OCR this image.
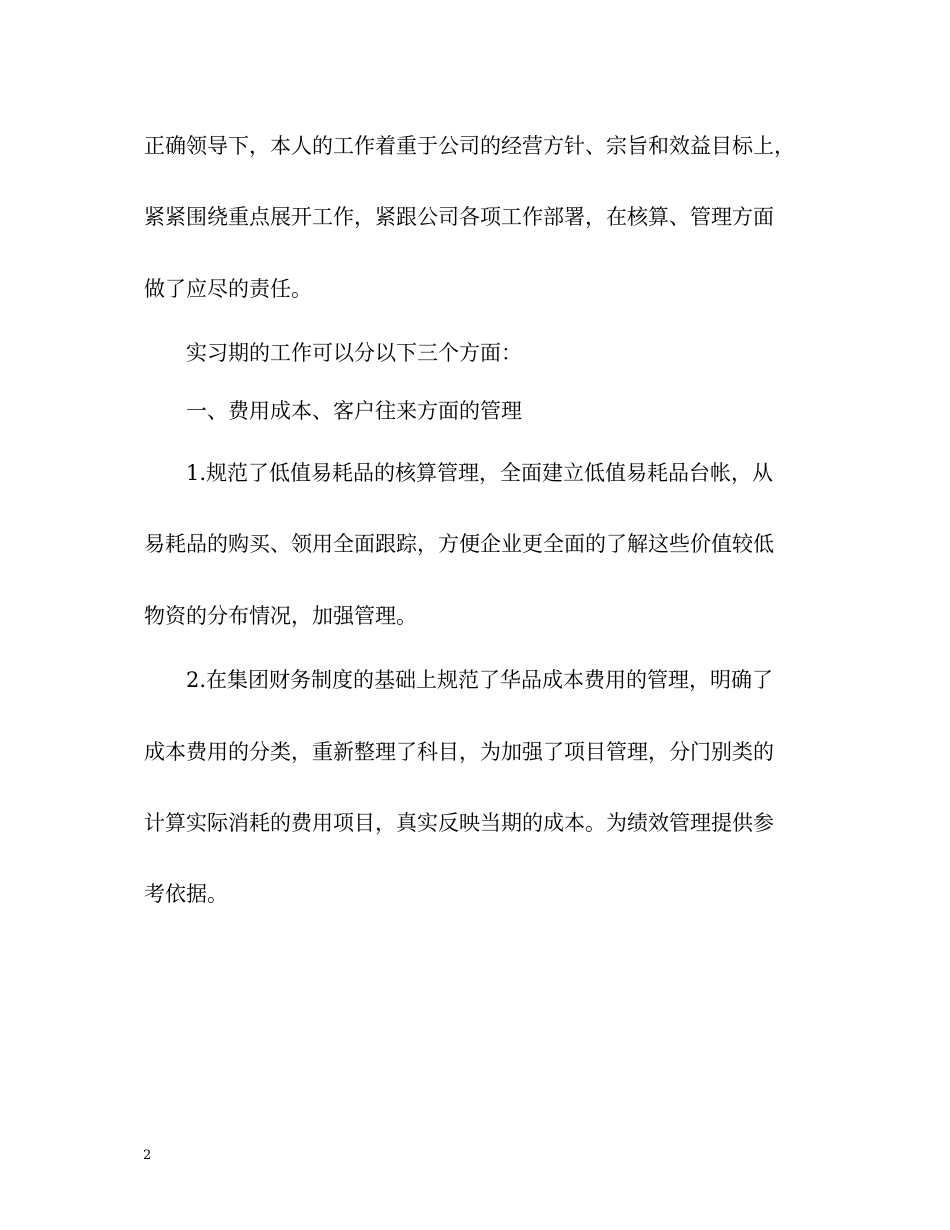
正确领导下，本人的工作着重于公司的经营方针、宗旨和效益目标上，
紧紧围绕重点展开工作，紧跟公司各项工作部署，在核算、管理方面
做了应尽的责任。
实习期的工作可以分以下三个方面：
一、费用成本、客户往来方面的管理
1.规范了低值易耗品的核算管理，全面建立低值易耗品台帐，从
易耗品的购买、领用全面跟踪，方便企业更全面的了解这些价值较低
物资的分布情况，加强管理。
2.在集团财务制度的基础上规范了华品成本费用的管理，明确了
成本费用的分类，重新整理了科目，为加强了项目管理，分门别类的
计算实际消耗的费用项目，真实反映当期的成本。为绩效管理提供参
考依据。
2
